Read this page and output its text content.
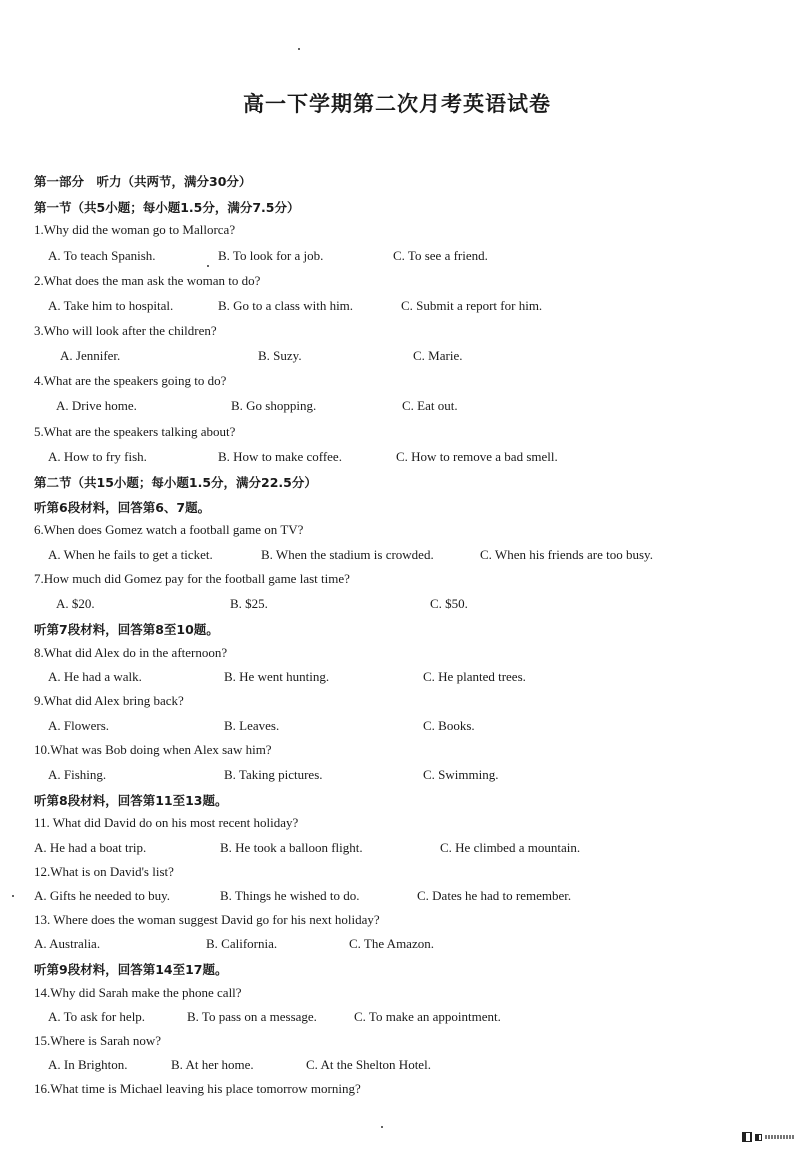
高一下学期第二次月考英语试卷
第一部分　听力（共两节，满分30分）
第一节（共5小题；每小题1.5分，满分7.5分）
1.Why did the woman go to Mallorca?
A. To teach Spanish.	B. To look for a job.	C. To see a friend.
2.What does the man ask the woman to do?
A. Take him to hospital.	B. Go to a class with him.	C. Submit a report for him.
3.Who will look after the children?
A. Jennifer.	B. Suzy.	C. Marie.
4.What are the speakers going to do?
A. Drive home.	B. Go shopping.	C. Eat out.
5.What are the speakers talking about?
A. How to fry fish.	B. How to make coffee.	C. How to remove a bad smell.
第二节（共15小题；每小题1.5分，满分22.5分）
听第6段材料，回答第6、7题。
6.When does Gomez watch a football game on TV?
A. When he fails to get a ticket.	B. When the stadium is crowded.	C. When his friends are too busy.
7.How much did Gomez pay for the football game last time?
A. $20.	B. $25.	C. $50.
听第7段材料，回答第8至10题。
8.What did Alex do in the afternoon?
A. He had a walk.	B. He went hunting.	C. He planted trees.
9.What did Alex bring back?
A. Flowers.	B. Leaves.	C. Books.
10.What was Bob doing when Alex saw him?
A. Fishing.	B. Taking pictures.	C. Swimming.
听第8段材料，回答第11至13题。
11. What did David do on his most recent holiday?
A. He had a boat trip.	B. He took a balloon flight.	C. He climbed a mountain.
12.What is on David's list?
A. Gifts he needed to buy.	B. Things he wished to do.	C. Dates he had to remember.
13. Where does the woman suggest David go for his next holiday?
A. Australia.	B. California.	C. The Amazon.
听第9段材料，回答第14至17题。
14.Why did Sarah make the phone call?
A. To ask for help.	B. To pass on a message.	C. To make an appointment.
15.Where is Sarah now?
A. In Brighton.	B. At her home.	C. At the Shelton Hotel.
16.What time is Michael leaving his place tomorrow morning?
